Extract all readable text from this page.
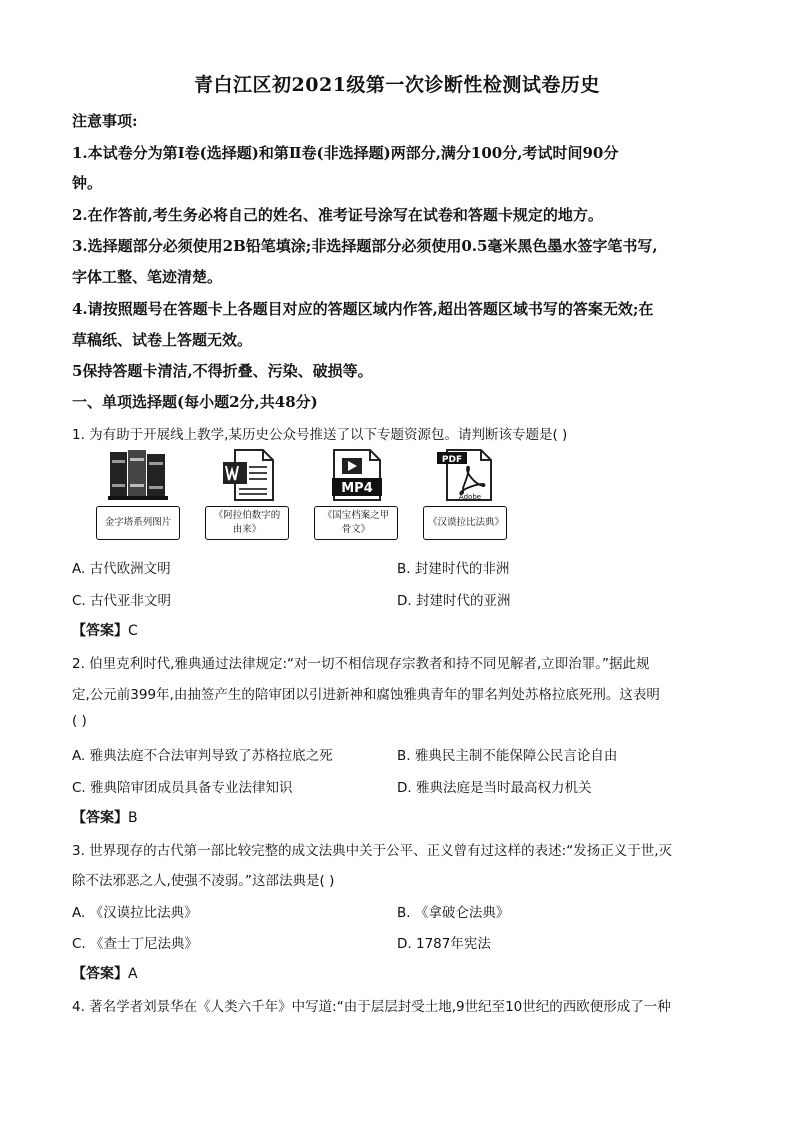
青白江区初2021级第一次诊断性检测试卷历史
注意事项:
1.本试卷分为第Ⅰ卷(选择题)和第Ⅱ卷(非选择题)两部分,满分100分,考试时间90分
钟。
2.在作答前,考生务必将自己的姓名、准考证号涂写在试卷和答题卡规定的地方。
3.选择题部分必须使用2B铅笔填涂;非选择题部分必须使用0.5毫米黑色墨水签字笔书写,
字体工整、笔迹清楚。
4.请按照题号在答题卡上各题目对应的答题区域内作答,超出答题区域书写的答案无效;在
草稿纸、试卷上答题无效。
5保持答题卡清洁,不得折叠、污染、破损等。
一、单项选择题(每小题2分,共48分)
1. 为有助于开展线上教学,某历史公众号推送了以下专题资源包。请判断该专题是( )
金字塔系列图片
《阿拉伯数字的由来》
MP4
《国宝档案之甲骨文》
PDF
Adobe
《汉谟拉比法典》
A. 古代欧洲文明	B. 封建时代的非洲
C. 古代亚非文明	D. 封建时代的亚洲
【答案】C
2. 伯里克利时代,雅典通过法律规定:“对一切不相信现存宗教者和持不同见解者,立即治罪。”据此规
定,公元前399年,由抽签产生的陪审团以引进新神和腐蚀雅典青年的罪名判处苏格拉底死刑。这表明
( )
A. 雅典法庭不合法审判导致了苏格拉底之死	B. 雅典民主制不能保障公民言论自由
C. 雅典陪审团成员具备专业法律知识	D. 雅典法庭是当时最高权力机关
【答案】B
3. 世界现存的古代第一部比较完整的成文法典中关于公平、正义曾有过这样的表述:“发扬正义于世,灭
除不法邪恶之人,使强不凌弱。”这部法典是( )
A. 《汉谟拉比法典》	B. 《拿破仑法典》
C. 《查士丁尼法典》	D. 1787年宪法
【答案】A
4. 著名学者刘景华在《人类六千年》中写道:“由于层层封受土地,9世纪至10世纪的西欧便形成了一种
